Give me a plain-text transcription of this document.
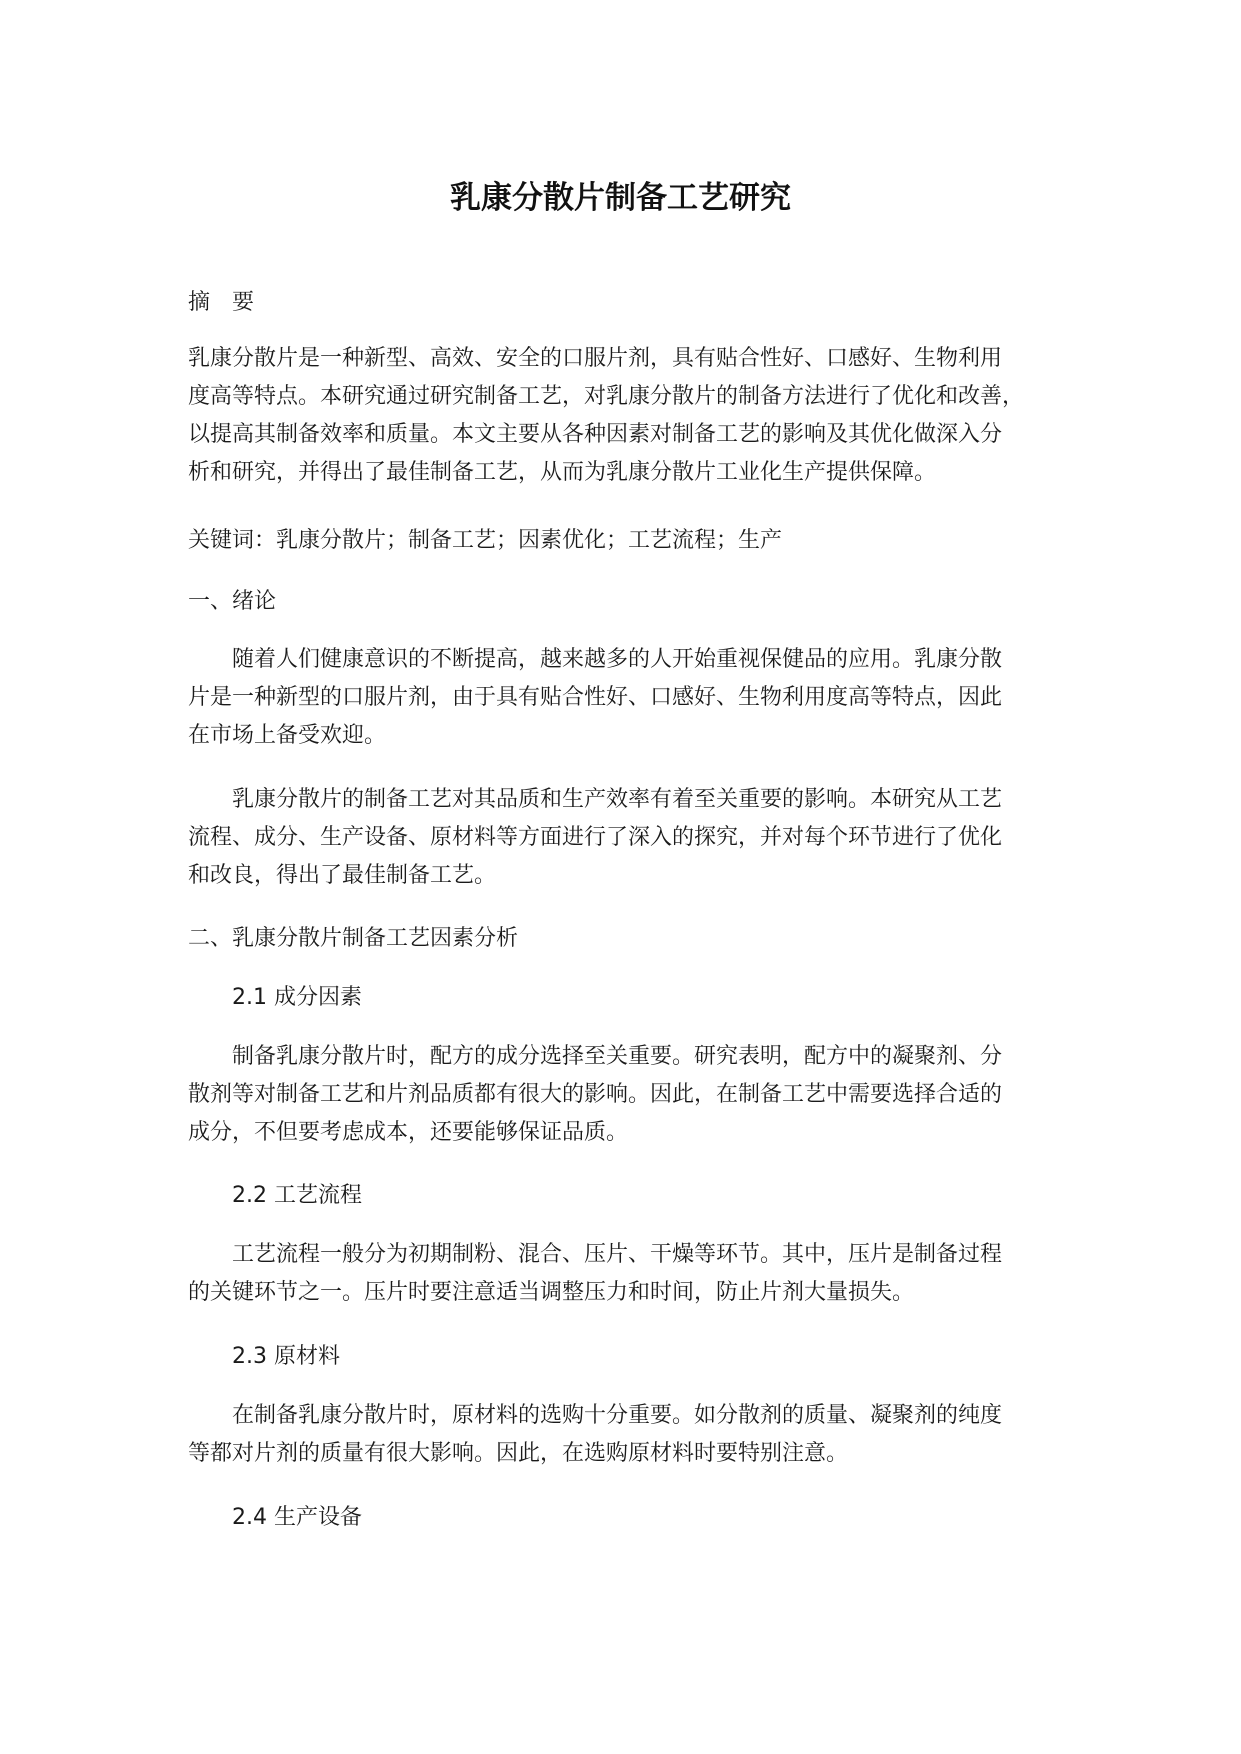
乳康分散片制备工艺研究

摘　要

乳康分散片是一种新型、高效、安全的口服片剂，具有贴合性好、口感好、生物利用
度高等特点。本研究通过研究制备工艺，对乳康分散片的制备方法进行了优化和改善，
以提高其制备效率和质量。本文主要从各种因素对制备工艺的影响及其优化做深入分
析和研究，并得出了最佳制备工艺，从而为乳康分散片工业化生产提供保障。

关键词：乳康分散片；制备工艺；因素优化；工艺流程；生产

一、绪论

随着人们健康意识的不断提高，越来越多的人开始重视保健品的应用。乳康分散
片是一种新型的口服片剂，由于具有贴合性好、口感好、生物利用度高等特点，因此
在市场上备受欢迎。

乳康分散片的制备工艺对其品质和生产效率有着至关重要的影响。本研究从工艺
流程、成分、生产设备、原材料等方面进行了深入的探究，并对每个环节进行了优化
和改良，得出了最佳制备工艺。

二、乳康分散片制备工艺因素分析

2.1 成分因素

制备乳康分散片时，配方的成分选择至关重要。研究表明，配方中的凝聚剂、分
散剂等对制备工艺和片剂品质都有很大的影响。因此，在制备工艺中需要选择合适的
成分，不但要考虑成本，还要能够保证品质。

2.2 工艺流程

工艺流程一般分为初期制粉、混合、压片、干燥等环节。其中，压片是制备过程
的关键环节之一。压片时要注意适当调整压力和时间，防止片剂大量损失。

2.3 原材料

在制备乳康分散片时，原材料的选购十分重要。如分散剂的质量、凝聚剂的纯度
等都对片剂的质量有很大影响。因此，在选购原材料时要特别注意。

2.4 生产设备
